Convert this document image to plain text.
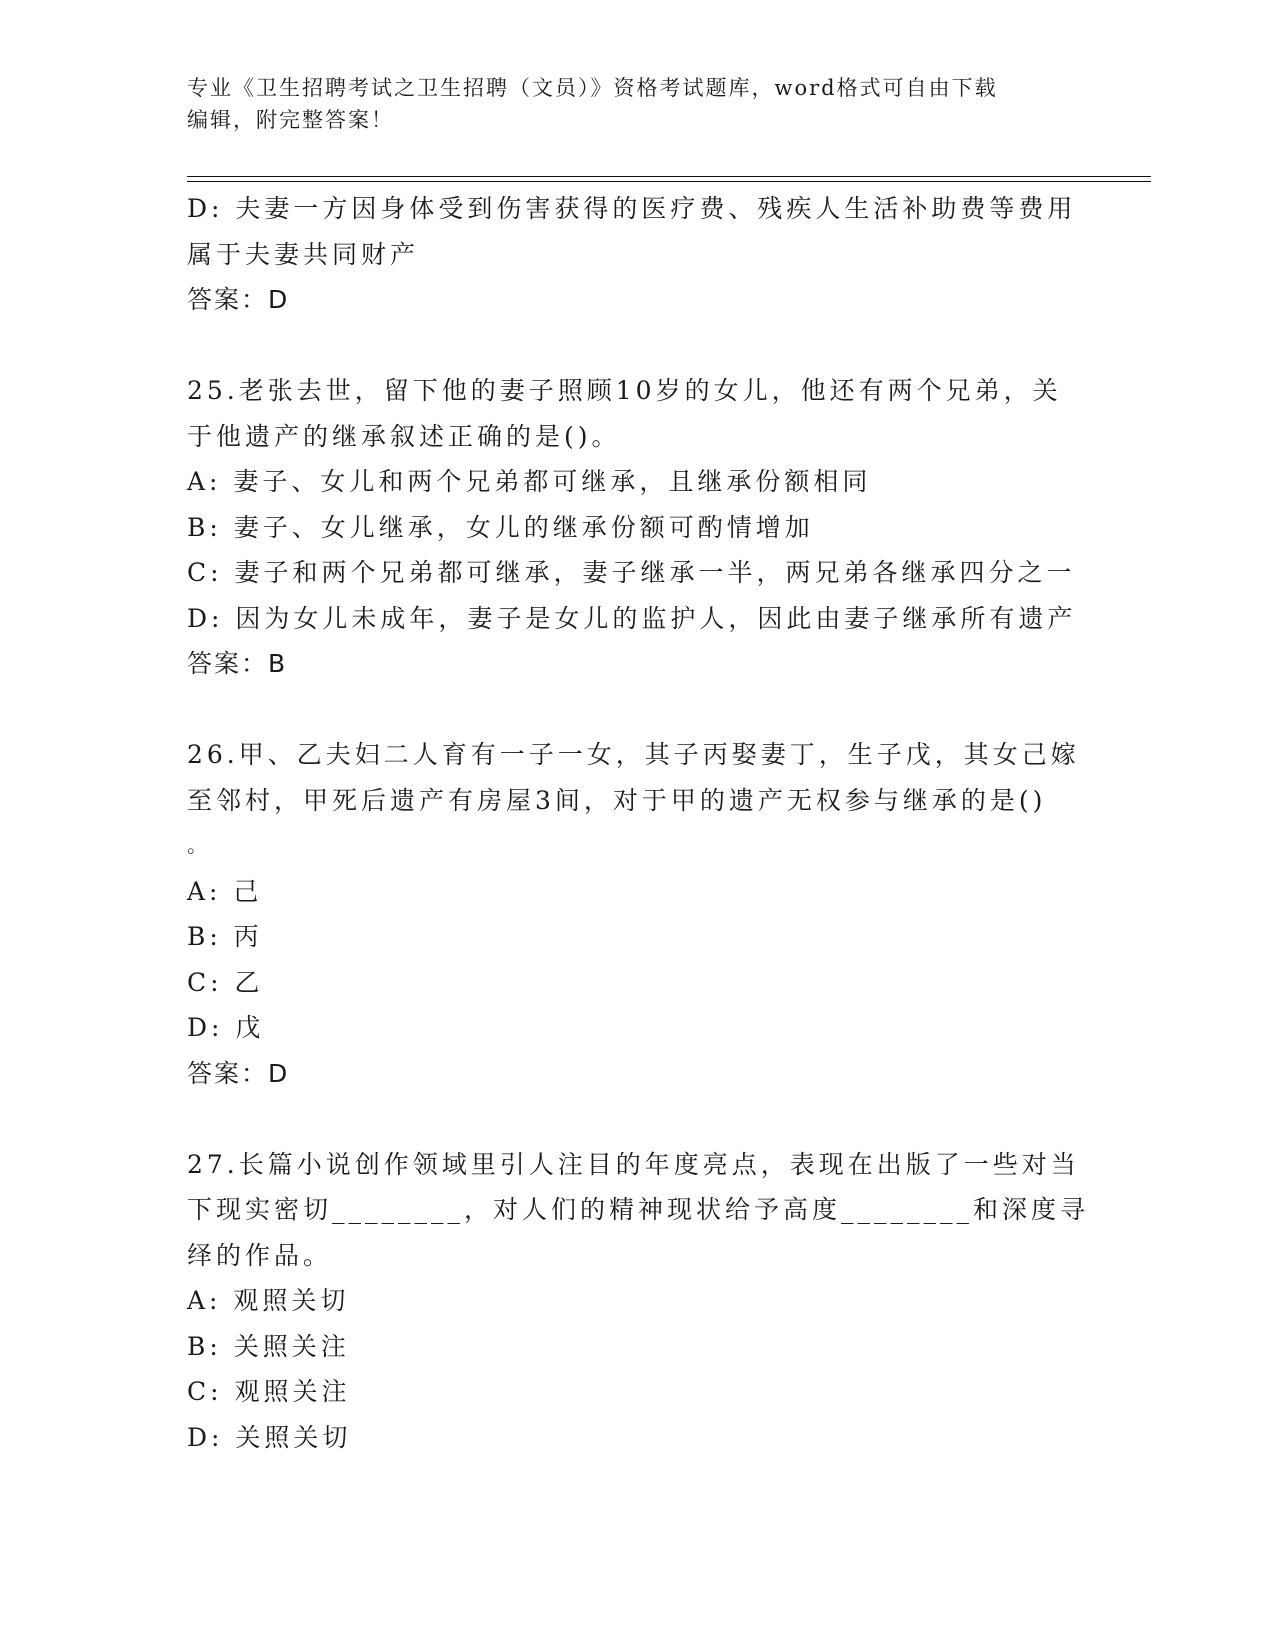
专业《卫生招聘考试之卫生招聘（文员）》资格考试题库，word格式可自由下载
编辑，附完整答案！
D: 夫妻一方因身体受到伤害获得的医疗费、残疾人生活补助费等费用
属于夫妻共同财产
答案：D
25.老张去世，留下他的妻子照顾10岁的女儿，他还有两个兄弟，关
于他遗产的继承叙述正确的是()。
A: 妻子、女儿和两个兄弟都可继承，且继承份额相同
B: 妻子、女儿继承，女儿的继承份额可酌情增加
C: 妻子和两个兄弟都可继承，妻子继承一半，两兄弟各继承四分之一
D: 因为女儿未成年，妻子是女儿的监护人，因此由妻子继承所有遗产
答案：B
26.甲、乙夫妇二人育有一子一女，其子丙娶妻丁，生子戊，其女己嫁
至邻村，甲死后遗产有房屋3间，对于甲的遗产无权参与继承的是()
。
A: 己
B: 丙
C: 乙
D: 戊
答案：D
27.长篇小说创作领域里引人注目的年度亮点，表现在出版了一些对当
下现实密切________，对人们的精神现状给予高度________和深度寻
绎的作品。
A: 观照关切
B: 关照关注
C: 观照关注
D: 关照关切
